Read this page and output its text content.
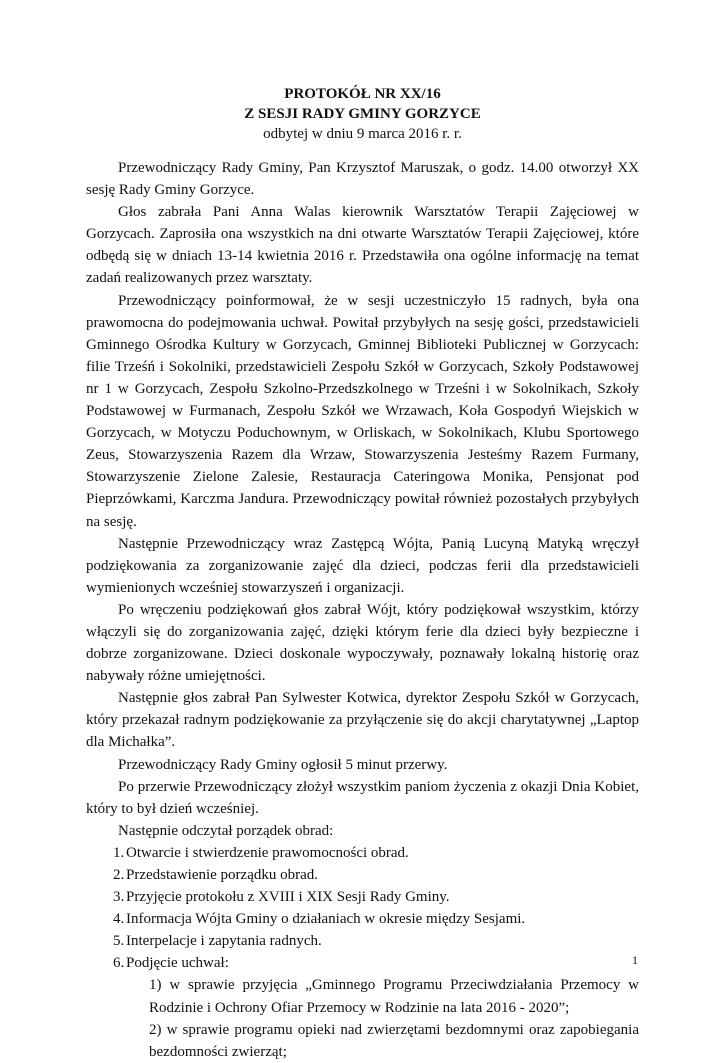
PROTOKÓŁ NR XX/16
Z SESJI RADY GMINY GORZYCE
odbytej w dniu 9 marca 2016 r. r.

Przewodniczący Rady Gminy, Pan Krzysztof Maruszak, o godz. 14.00 otworzył XX sesję Rady Gminy Gorzyce.

Głos zabrała Pani Anna Walas kierownik Warsztatów Terapii Zajęciowej w Gorzycach. Zaprosiła ona wszystkich na dni otwarte Warsztatów Terapii Zajęciowej, które odbędą się w dniach 13-14 kwietnia 2016 r. Przedstawiła ona ogólne informację na temat zadań realizowanych przez warsztaty.

Przewodniczący poinformował, że w sesji uczestniczyło 15 radnych, była ona prawomocna do podejmowania uchwał. Powitał przybyłych na sesję gości, przedstawicieli Gminnego Ośrodka Kultury w Gorzycach, Gminnej Biblioteki Publicznej w Gorzycach: filie Trześń i Sokolniki, przedstawicieli Zespołu Szkół w Gorzycach, Szkoły Podstawowej nr 1 w Gorzycach, Zespołu Szkolno-Przedszkolnego w Trześni i w Sokolnikach, Szkoły Podstawowej w Furmanach, Zespołu Szkół we Wrzawach, Koła Gospodyń Wiejskich w Gorzycach, w Motyczu Poduchownym, w Orliskach, w Sokolnikach, Klubu Sportowego Zeus, Stowarzyszenia Razem dla Wrzaw, Stowarzyszenia Jesteśmy Razem Furmany, Stowarzyszenie Zielone Zalesie, Restauracja Cateringowa Monika, Pensjonat pod Pieprzówkami, Karczma Jandura. Przewodniczący powitał również pozostałych przybyłych na sesję.

Następnie Przewodniczący wraz Zastępcą Wójta, Panią Lucyną Matyką wręczył podziękowania za zorganizowanie zajęć dla dzieci, podczas ferii dla przedstawicieli wymienionych wcześniej stowarzyszeń i organizacji.

Po wręczeniu podziękowań głos zabrał Wójt, który podziękował wszystkim, którzy włączyli się do zorganizowania zajęć, dzięki którym ferie dla dzieci były bezpieczne i dobrze zorganizowane. Dzieci doskonale wypoczywały, poznawały lokalną historię oraz nabywały różne umiejętności.

Następnie głos zabrał Pan Sylwester Kotwica, dyrektor Zespołu Szkół w Gorzycach, który przekazał radnym podziękowanie za przyłączenie się do akcji charytatywnej „Laptop dla Michałka”.

Przewodniczący Rady Gminy ogłosił 5 minut przerwy.

Po przerwie Przewodniczący złożył wszystkim paniom życzenia z okazji Dnia Kobiet, który to był dzień wcześniej.

Następnie odczytał porządek obrad:

1. Otwarcie i stwierdzenie prawomocności obrad.
2. Przedstawienie porządku obrad.
3. Przyjęcie protokołu z XVIII i XIX Sesji Rady Gminy.
4. Informacja Wójta Gminy o działaniach w okresie między Sesjami.
5. Interpelacje i zapytania radnych.
6. Podjęcie uchwał:
1) w sprawie przyjęcia „Gminnego Programu Przeciwdziałania Przemocy w Rodzinie i Ochrony Ofiar Przemocy w Rodzinie na lata 2016 - 2020”;
2) w sprawie programu opieki nad zwierzętami bezdomnymi oraz zapobiegania bezdomności zwierząt;
1
